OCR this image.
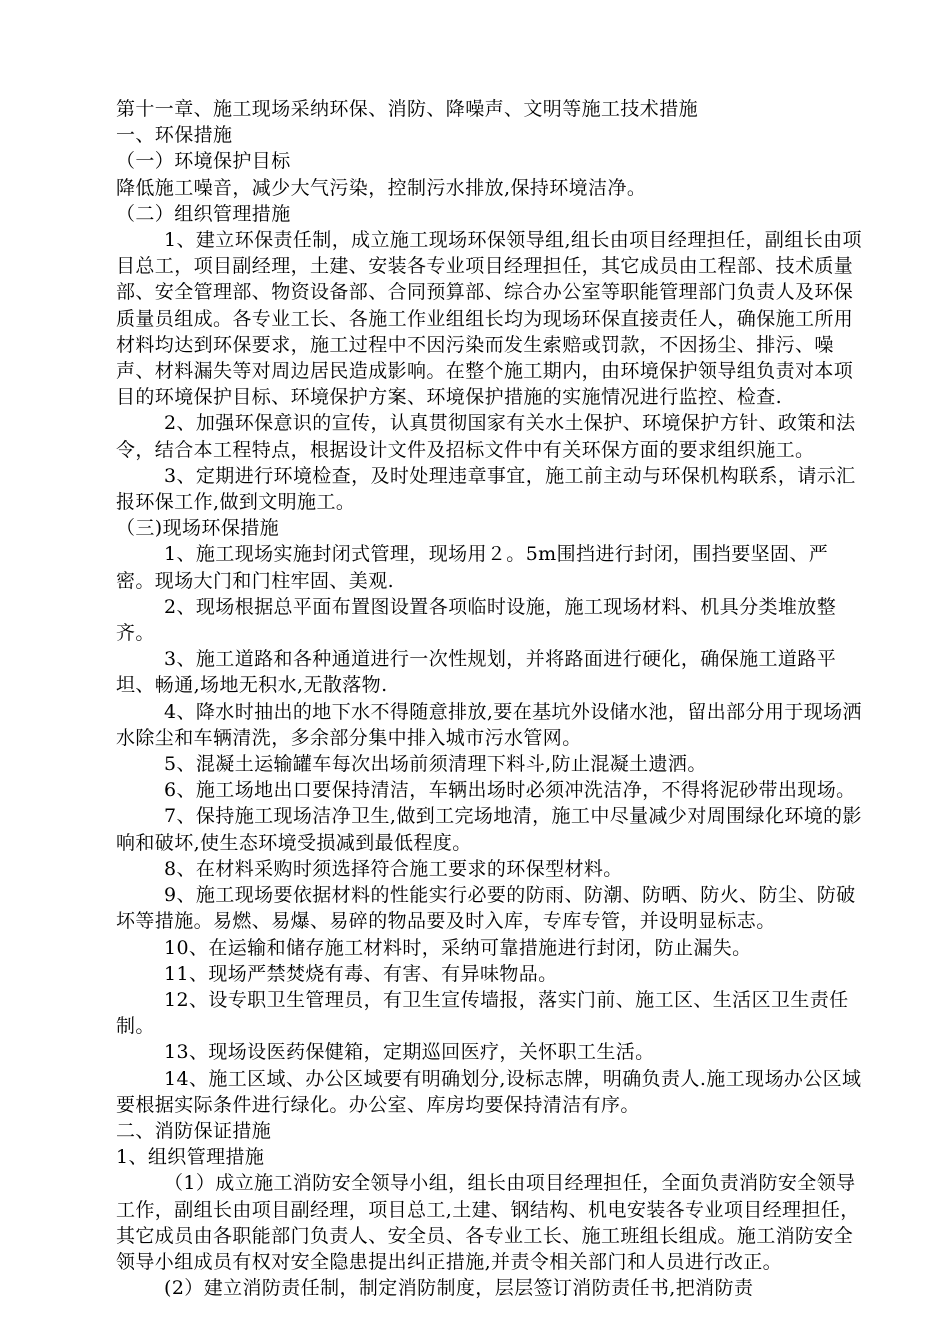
第十一章、施工现场采纳环保、消防、降噪声、文明等施工技术措施

一、环保措施

（一）环境保护目标

降低施工噪音，减少大气污染，控制污水排放,保持环境洁净。

（二）组织管理措施

1、建立环保责任制，成立施工现场环保领导组,组长由项目经理担任，副组长由项目总工，项目副经理，土建、安装各专业项目经理担任，其它成员由工程部、技术质量部、安全管理部、物资设备部、合同预算部、综合办公室等职能管理部门负责人及环保质量员组成。各专业工长、各施工作业组组长均为现场环保直接责任人，确保施工所用材料均达到环保要求，施工过程中不因污染而发生索赔或罚款，不因扬尘、排污、噪声、材料漏失等对周边居民造成影响。在整个施工期内，由环境保护领导组负责对本项目的环境保护目标、环境保护方案、环境保护措施的实施情况进行监控、检查.

2、加强环保意识的宣传，认真贯彻国家有关水土保护、环境保护方针、政策和法令，结合本工程特点，根据设计文件及招标文件中有关环保方面的要求组织施工。

3、定期进行环境检查，及时处理违章事宜，施工前主动与环保机构联系，请示汇报环保工作,做到文明施工。

（三)现场环保措施

1、施工现场实施封闭式管理，现场用２。5m围挡进行封闭，围挡要坚固、严密。现场大门和门柱牢固、美观.

2、现场根据总平面布置图设置各项临时设施，施工现场材料、机具分类堆放整齐。

3、施工道路和各种通道进行一次性规划，并将路面进行硬化，确保施工道路平坦、畅通,场地无积水,无散落物.

4、降水时抽出的地下水不得随意排放,要在基坑外设储水池，留出部分用于现场洒水除尘和车辆清洗，多余部分集中排入城市污水管网。

5、混凝土运输罐车每次出场前须清理下料斗,防止混凝土遗洒。

6、施工场地出口要保持清洁，车辆出场时必须冲洗洁净，不得将泥砂带出现场。

7、保持施工现场洁净卫生,做到工完场地清，施工中尽量减少对周围绿化环境的影响和破坏,使生态环境受损减到最低程度。

8、在材料采购时须选择符合施工要求的环保型材料。

9、施工现场要依据材料的性能实行必要的防雨、防潮、防晒、防火、防尘、防破坏等措施。易燃、易爆、易碎的物品要及时入库，专库专管，并设明显标志。

10、在运输和储存施工材料时，采纳可靠措施进行封闭，防止漏失。

11、现场严禁焚烧有毒、有害、有异味物品。

12、设专职卫生管理员，有卫生宣传墙报，落实门前、施工区、生活区卫生责任制。

13、现场设医药保健箱，定期巡回医疗，关怀职工生活。

14、施工区域、办公区域要有明确划分,设标志牌，明确负责人.施工现场办公区域要根据实际条件进行绿化。办公室、库房均要保持清洁有序。

二、消防保证措施

1、组织管理措施

（1）成立施工消防安全领导小组，组长由项目经理担任，全面负责消防安全领导工作，副组长由项目副经理，项目总工,土建、钢结构、机电安装各专业项目经理担任，其它成员由各职能部门负责人、安全员、各专业工长、施工班组长组成。施工消防安全领导小组成员有权对安全隐患提出纠正措施,并责令相关部门和人员进行改正。

(2）建立消防责任制，制定消防制度，层层签订消防责任书,把消防责
